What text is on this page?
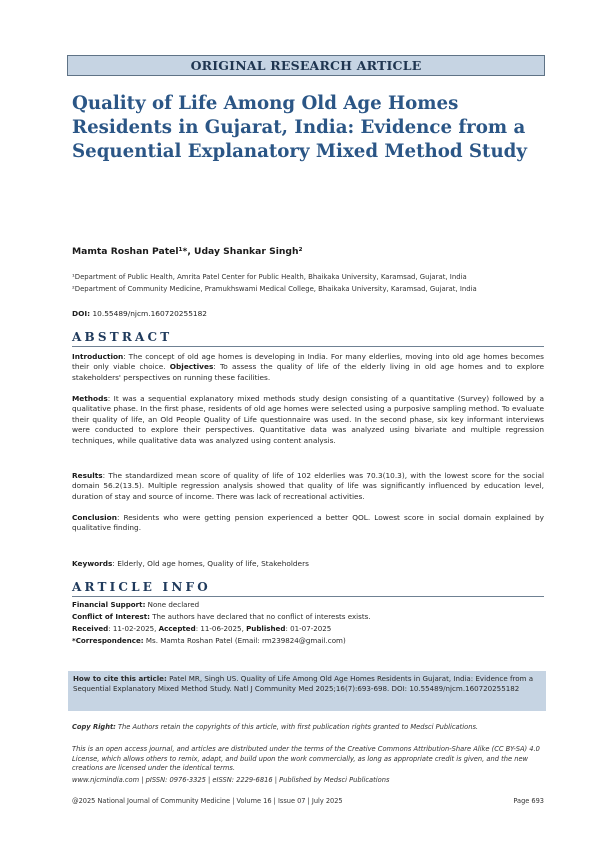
ORIGINAL RESEARCH ARTICLE
Quality of Life Among Old Age Homes Residents in Gujarat, India: Evidence from a Sequential Explanatory Mixed Method Study
Mamta Roshan Patel¹*, Uday Shankar Singh²
¹Department of Public Health, Amrita Patel Center for Public Health, Bhaikaka University, Karamsad, Gujarat, India
²Department of Community Medicine, Pramukhswami Medical College, Bhaikaka University, Karamsad, Gujarat, India
DOI: 10.55489/njcm.160720255182
ABSTRACT

Introduction: The concept of old age homes is developing in India. For many elderlies, moving into old age homes becomes their only viable choice. Objectives: To assess the quality of life of the elderly living in old age homes and to explore stakeholders' perspectives on running these facilities.

Methods: It was a sequential explanatory mixed methods study design consisting of a quantitative (Survey) followed by a qualitative phase. In the first phase, residents of old age homes were selected using a purposive sampling method. To evaluate their quality of life, an Old People Quality of Life questionnaire was used. In the second phase, six key informant interviews were conducted to explore their perspectives. Quantitative data was analyzed using bivariate and multiple regression techniques, while qualitative data was analyzed using content analysis.

Results: The standardized mean score of quality of life of 102 elderlies was 70.3(10.3), with the lowest score for the social domain 56.2(13.5). Multiple regression analysis showed that quality of life was significantly influenced by education level, duration of stay and source of income. There was lack of recreational activities.

Conclusion: Residents who were getting pension experienced a better QOL. Lowest score in social domain explained by qualitative finding.

Keywords: Elderly, Old age homes, Quality of life, Stakeholders

ARTICLE INFO
Financial Support: None declared
Conflict of Interest: The authors have declared that no conflict of interests exists.
Received: 11-02-2025, Accepted: 11-06-2025, Published: 01-07-2025
*Correspondence: Ms. Mamta Roshan Patel (Email: rm239824@gmail.com)

How to cite this article: Patel MR, Singh US. Quality of Life Among Old Age Homes Residents in Gujarat, India: Evidence from a Sequential Explanatory Mixed Method Study. Natl J Community Med 2025;16(7):693-698. DOI: 10.55489/njcm.160720255182

Copy Right: The Authors retain the copyrights of this article, with first publication rights granted to Medsci Publications.

This is an open access journal, and articles are distributed under the terms of the Creative Commons Attribution-Share Alike (CC BY-SA) 4.0 License, which allows others to remix, adapt, and build upon the work commercially, as long as appropriate credit is given, and the new creations are licensed under the identical terms.

www.njcmindia.com | pISSN: 0976-3325 | eISSN: 2229-6816 | Published by Medsci Publications

@2025 National Journal of Community Medicine | Volume 16 | Issue 07 | July 2025	Page 693
